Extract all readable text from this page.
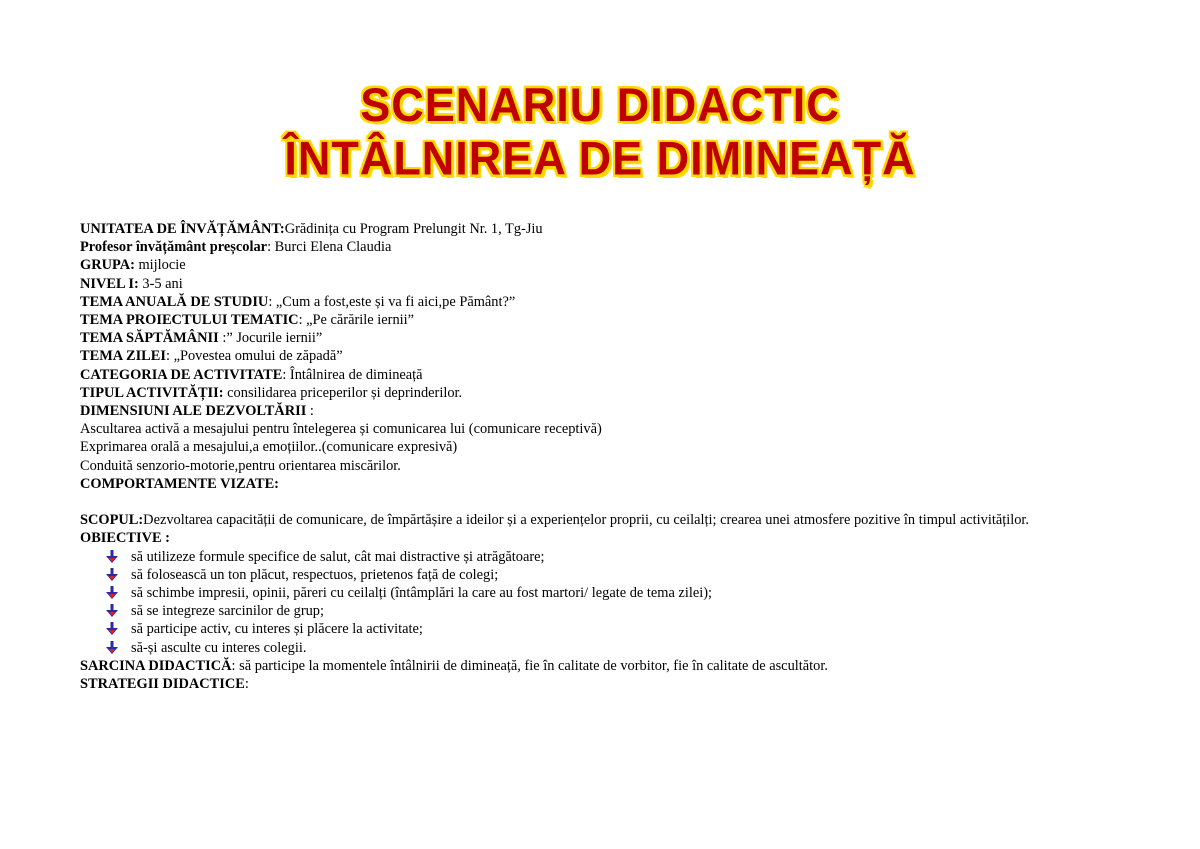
SCENARIU DIDACTIC
ÎNTÂLNIREA DE DIMINEAȚĂ
UNITATEA DE ÎNVĂȚĂMÂNT:Grădinița cu Program Prelungit Nr. 1, Tg-Jiu
Profesor învățământ preșcolar: Burci Elena Claudia
GRUPA: mijlocie
NIVEL I: 3-5 ani
TEMA ANUALĂ DE STUDIU: „Cum a fost,este și va fi aici,pe Pământ?”
TEMA PROIECTULUI TEMATIC: „Pe cărările iernii”
TEMA SĂPTĂMÂNII :” Jocurile iernii”
TEMA ZILEI: „Povestea omului de zăpadă”
CATEGORIA DE ACTIVITATE: Întâlnirea de dimineață
TIPUL ACTIVITĂȚII: consilidarea priceperilor și deprinderilor.
DIMENSIUNI ALE DEZVOLTĂRII :
Ascultarea activă a mesajului pentru întelegerea și comunicarea lui (comunicare receptivă)
Exprimarea orală a mesajului,a emoțiilor..(comunicare expresivă)
Conduită senzorio-motorie,pentru orientarea miscărilor.
COMPORTAMENTE VIZATE:
SCOPUL:Dezvoltarea capacității de comunicare, de împărtășire a ideilor și a experiențelor proprii, cu ceilalți; crearea unei atmosfere pozitive în timpul activităților.
OBIECTIVE :
să utilizeze formule specifice de salut, cât mai distractive și atrăgătoare;
să folosească un ton plăcut, respectuos, prietenos față de colegi;
să schimbe impresii, opinii, păreri cu ceilalți (întâmplări la care au fost martori/ legate de tema zilei);
să se integreze sarcinilor de grup;
să participe activ, cu interes și plăcere la activitate;
să-și asculte cu interes colegii.
SARCINA DIDACTICĂ: să participe la momentele întâlnirii de dimineață, fie în calitate de vorbitor, fie în calitate de ascultător.
STRATEGII DIDACTICE:
